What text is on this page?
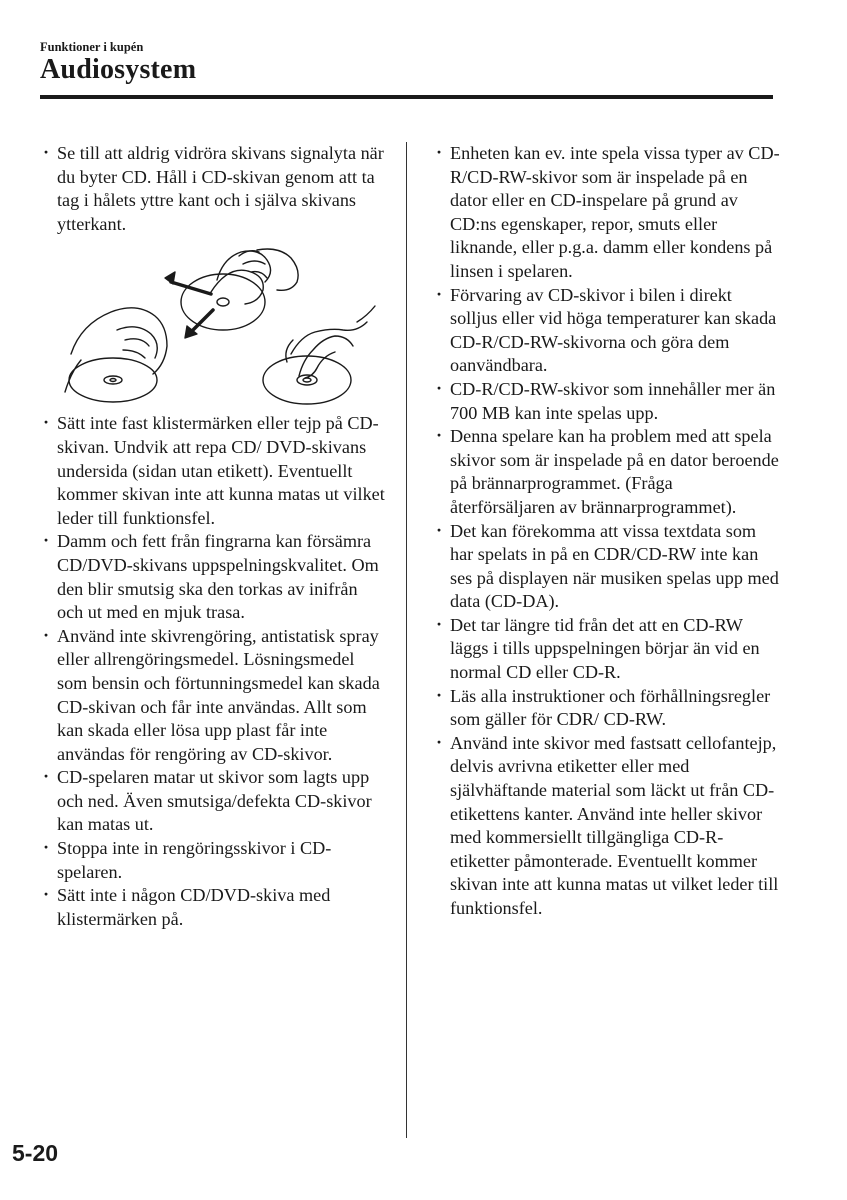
Funktioner i kupén
Audiosystem
· Se till att aldrig vidröra skivans signalyta när du byter CD. Håll i CD-skivan genom att ta tag i hålets yttre kant och i själva skivans ytterkant.
· Sätt inte fast klistermärken eller tejp på CD-skivan. Undvik att repa CD/ DVD-skivans undersida (sidan utan etikett). Eventuellt kommer skivan inte att kunna matas ut vilket leder till funktionsfel.
· Damm och fett från fingrarna kan försämra CD/DVD-skivans uppspelningskvalitet. Om den blir smutsig ska den torkas av inifrån och ut med en mjuk trasa.
· Använd inte skivrengöring, antistatisk spray eller allrengöringsmedel. Lösningsmedel som bensin och förtunningsmedel kan skada CD-skivan och får inte användas. Allt som kan skada eller lösa upp plast får inte användas för rengöring av CD-skivor.
· CD-spelaren matar ut skivor som lagts upp och ned. Även smutsiga/defekta CD-skivor kan matas ut.
· Stoppa inte in rengöringsskivor i CD-spelaren.
· Sätt inte i någon CD/DVD-skiva med klistermärken på.
· Enheten kan ev. inte spela vissa typer av CD-R/CD-RW-skivor som är inspelade på en dator eller en CD-inspelare på grund av CD:ns egenskaper, repor, smuts eller liknande, eller p.g.a. damm eller kondens på linsen i spelaren.
· Förvaring av CD-skivor i bilen i direkt solljus eller vid höga temperaturer kan skada CD-R/CD-RW-skivorna och göra dem oanvändbara.
· CD-R/CD-RW-skivor som innehåller mer än 700 MB kan inte spelas upp.
· Denna spelare kan ha problem med att spela skivor som är inspelade på en dator beroende på brännarprogrammet. (Fråga återförsäljaren av brännarprogrammet).
· Det kan förekomma att vissa textdata som har spelats in på en CDR/CD-RW inte kan ses på displayen när musiken spelas upp med data (CD-DA).
· Det tar längre tid från det att en CD-RW läggs i tills uppspelningen börjar än vid en normal CD eller CD-R.
· Läs alla instruktioner och förhållningsregler som gäller för CDR/ CD-RW.
· Använd inte skivor med fastsatt cellofantejp, delvis avrivna etiketter eller med självhäftande material som läckt ut från CD-etikettens kanter. Använd inte heller skivor med kommersiellt tillgängliga CD-R-etiketter påmonterade. Eventuellt kommer skivan inte att kunna matas ut vilket leder till funktionsfel.
5-20
